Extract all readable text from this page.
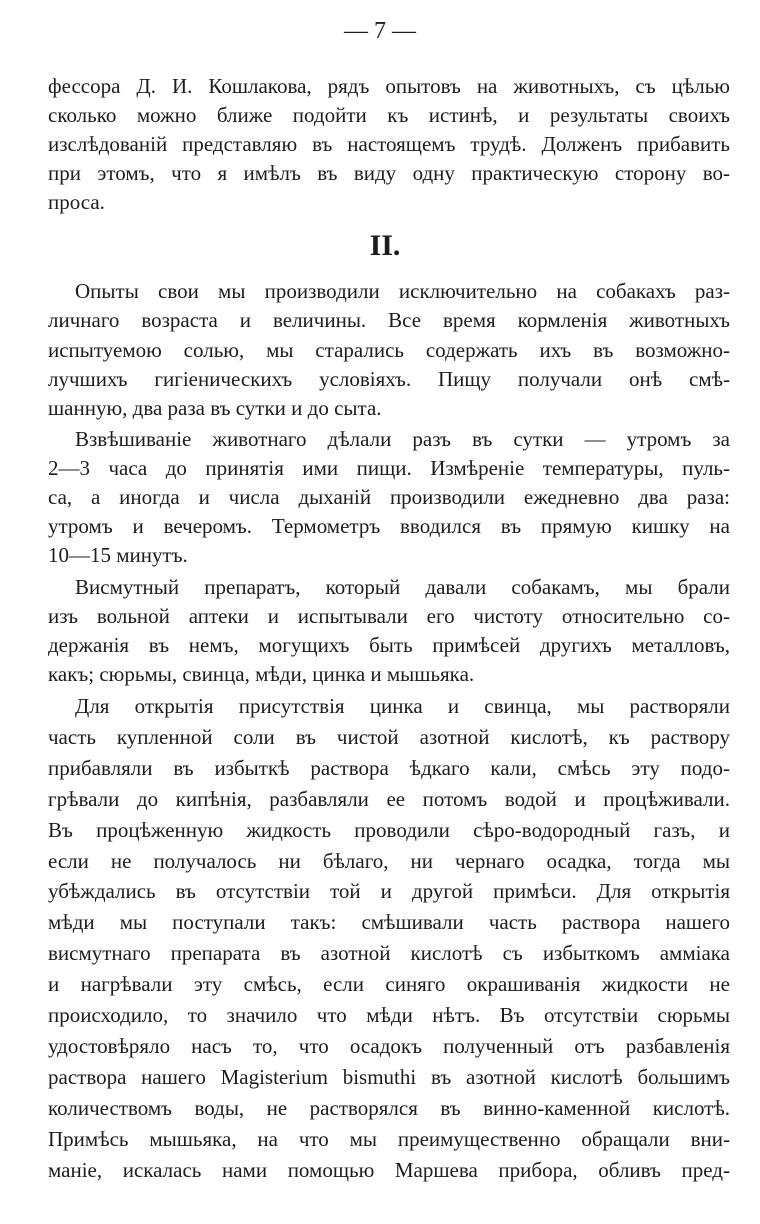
— 7 —
II.
фессора Д. И. Кошлакова, рядъ опытовъ на животныхъ, съ цѣлью
сколько можно ближе подойти къ истинѣ, и результаты своихъ
изслѣдованій представляю въ настоящемъ трудѣ. Долженъ прибавить
при этомъ, что я имѣлъ въ виду одну практическую сторону во-
проса.
Опыты свои мы производили исключительно на собакахъ раз-
личнаго возраста и величины. Все время кормленія животныхъ
испытуемою солью, мы старались содержать ихъ въ возможно-
лучшихъ гигіеническихъ условіяхъ. Пищу получали онѣ смѣ-
шанную, два раза въ сутки и до сыта.
Взвѣшиваніе животнаго дѣлали разъ въ сутки — утромъ за
2—3 часа до принятія ими пищи. Измѣреніе температуры, пуль-
са, а иногда и числа дыханій производили ежедневно два раза:
утромъ и вечеромъ. Термометръ вводился въ прямую кишку на
10—15 минутъ.
Висмутный препаратъ, который давали собакамъ, мы брали
изъ вольной аптеки и испытывали его чистоту относительно со-
держанія въ немъ, могущихъ быть примѣсей другихъ металловъ,
какъ; сюрьмы, свинца, мѣди, цинка и мышьяка.
Для открытія присутствія цинка и свинца, мы растворяли
часть купленной соли въ чистой азотной кислотѣ, къ раствору
прибавляли въ избыткѣ раствора ѣдкаго кали, смѣсь эту подо-
грѣвали до кипѣнія, разбавляли ее потомъ водой и процѣживали.
Въ процѣженную жидкость проводили сѣро-водородный газъ, и
если не получалось ни бѣлаго, ни чернаго осадка, тогда мы
убѣждались въ отсутствіи той и другой примѣси. Для открытія
мѣди мы поступали такъ: смѣшивали часть раствора нашего
висмутнаго препарата въ азотной кислотѣ съ избыткомъ амміака
и нагрѣвали эту смѣсь, если синяго окрашиванія жидкости не
происходило, то значило что мѣди нѣтъ. Въ отсутствіи сюрьмы
удостовѣряло насъ то, что осадокъ полученный отъ разбавленія
раствора нашего Magisterium bismuthi въ азотной кислотѣ большимъ
количествомъ воды, не растворялся въ винно-каменной кислотѣ.
Примѣсь мышьяка, на что мы преимущественно обращали вни-
маніе, искалась нами помощью Маршева прибора, обливъ пред-
